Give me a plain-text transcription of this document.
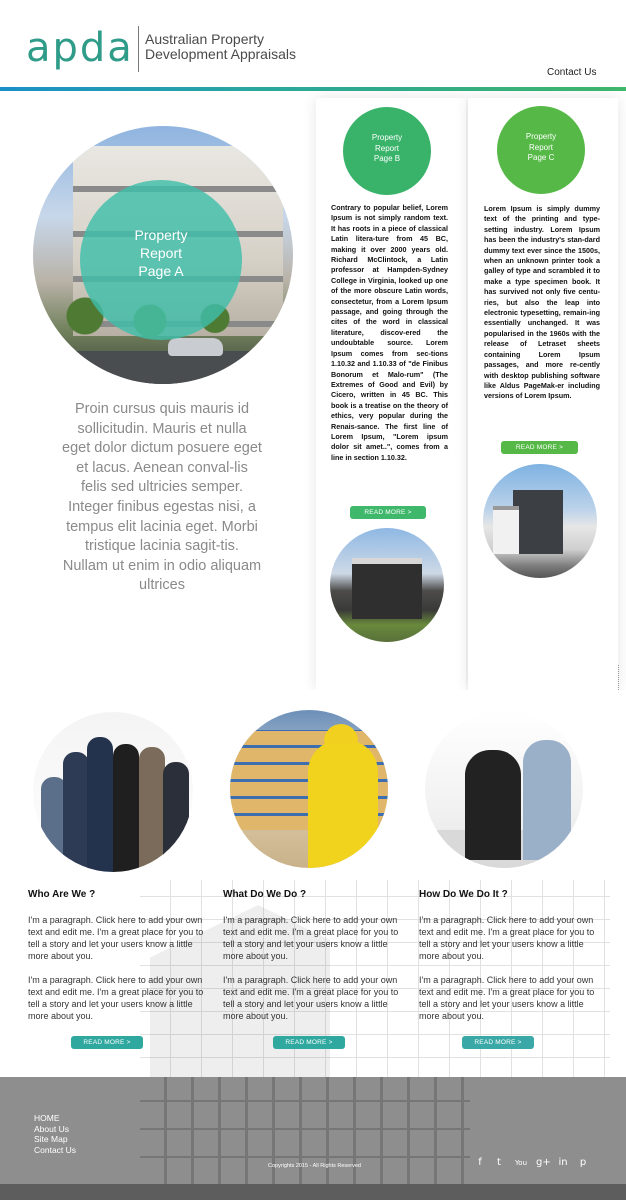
apda Australian Property
Development Appraisals
Contact Us
Property
Report
Page A
Proin cursus quis mauris id sollicitudin. Mauris et nulla eget dolor dictum posuere eget et lacus. Aenean conval-lis felis sed ultricies semper. Integer finibus egestas nisi, a tempus elit lacinia eget. Morbi tristique lacinia sagit-tis. Nullam ut enim in odio aliquam ultrices
Property
Report
Page B
Property
Report
Page C
Contrary to popular belief, Lorem Ipsum is not simply random text. It has roots in a piece of classical Latin litera-ture from 45 BC, making it over 2000 years old. Richard McClintock, a Latin professor at Hampden-Sydney College in Virginia, looked up one of the more obscure Latin words, consectetur, from a Lorem Ipsum passage, and going through the cites of the word in classical literature, discov-ered the undoubtable source. Lorem Ipsum comes from sec-tions 1.10.32 and 1.10.33 of "de Finibus Bonorum et Malo-rum" (The Extremes of Good and Evil) by Cicero, written in 45 BC. This book is a treatise on the theory of ethics, very popular during the Renais-sance. The first line of Lorem Ipsum, "Lorem ipsum dolor sit amet..", comes from a line in section 1.10.32.
Lorem Ipsum is simply dummy text of the printing and type-setting industry. Lorem Ipsum has been the industry's stan-dard dummy text ever since the 1500s, when an unknown printer took a galley of type and scrambled it to make a type specimen book. It has survived not only five centu-ries, but also the leap into electronic typesetting, remain-ing essentially unchanged. It was popularised in the 1960s with the release of Letraset sheets containing Lorem Ipsum passages, and more re-cently with desktop publishing software like Aldus PageMak-er including versions of Lorem Ipsum.
READ MORE >
READ MORE >
Who Are We ?
I'm a paragraph. Click here to add your own text and edit me. I'm a great place for you to tell a story and let your users know a little more about you.
I'm a paragraph. Click here to add your own text and edit me. I'm a great place for you to tell a story and let your users know a little more about you.
READ MORE >
What Do We Do ?
I'm a paragraph. Click here to add your own text and edit me. I'm a great place for you to tell a story and let your users know a little more about you.
I'm a paragraph. Click here to add your own text and edit me. I'm a great place for you to tell a story and let your users know a little more about you.
READ MORE >
How Do We Do It ?
I'm a paragraph. Click here to add your own text and edit me. I'm a great place for you to tell a story and let your users know a little more about you.
I'm a paragraph. Click here to add your own text and edit me. I'm a great place for you to tell a story and let your users know a little more about you.
READ MORE >
HOME
About Us
Site Map
Contact Us
Copyrights 2015 - All Rights Reserved	f	t	You g+ in	p
